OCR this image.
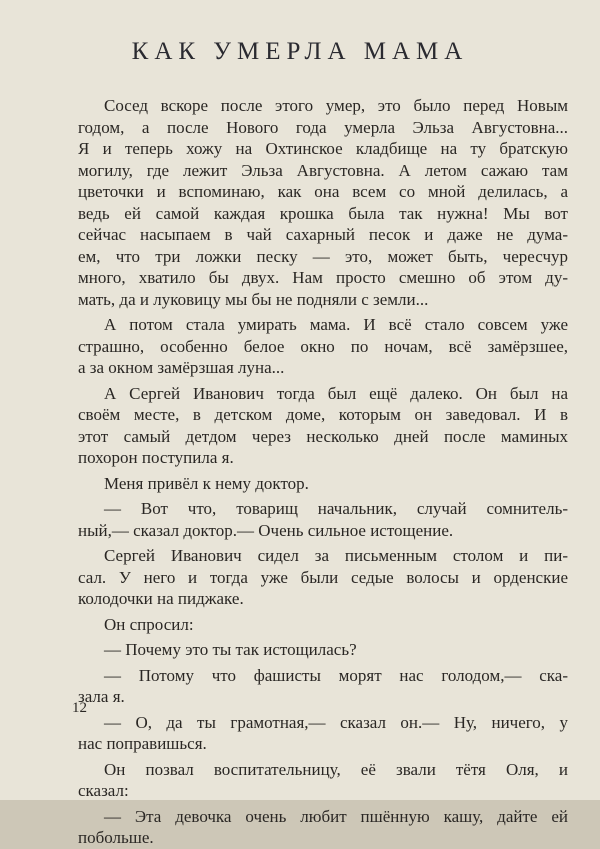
КАК УМЕРЛА МАМА
Сосед вскоре после этого умер, это было перед Новым
годом, а после Нового года умерла Эльза Августовна...
Я и теперь хожу на Охтинское кладбище на ту братскую
могилу, где лежит Эльза Августовна. А летом сажаю там
цветочки и вспоминаю, как она всем со мной делилась, а
ведь ей самой каждая крошка была так нужна! Мы вот
сейчас насыпаем в чай сахарный песок и даже не дума-
ем, что три ложки песку — это, может быть, чересчур
много, хватило бы двух. Нам просто смешно об этом ду-
мать, да и луковицу мы бы не подняли с земли...
А потом стала умирать мама. И всё стало совсем уже
страшно, особенно белое окно по ночам, всё замёрзшее,
а за окном замёрзшая луна...
А Сергей Иванович тогда был ещё далеко. Он был на
своём месте, в детском доме, которым он заведовал. И в
этот самый детдом через несколько дней после маминых
похорон поступила я.
Меня привёл к нему доктор.
— Вот что, товарищ начальник, случай сомнитель-
ный,— сказал доктор.— Очень сильное истощение.
Сергей Иванович сидел за письменным столом и пи-
сал. У него и тогда уже были седые волосы и орденские
колодочки на пиджаке.
Он спросил:
— Почему это ты так истощилась?
— Потому что фашисты морят нас голодом,— ска-
зала я.
— О, да ты грамотная,— сказал он.— Ну, ничего, у
нас поправишься.
Он позвал воспитательницу, её звали тётя Оля, и
сказал:
— Эта девочка очень любит пшённую кашу, дайте ей
побольше.
12
